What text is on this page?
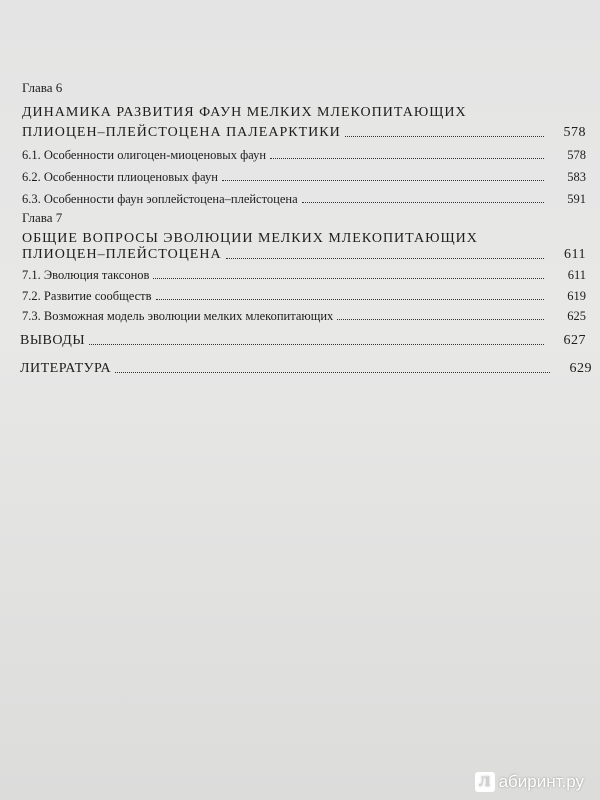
Глава 6
ДИНАМИКА РАЗВИТИЯ ФАУН МЕЛКИХ МЛЕКОПИТАЮЩИХ
ПЛИОЦЕН–ПЛЕЙСТОЦЕНА ПАЛЕАРКТИКИ	578
6.1. Особенности олигоцен-миоценовых фаун	578
6.2. Особенности плиоценовых фаун	583
6.3. Особенности фаун эоплейстоцена–плейстоцена	591
Глава 7
ОБЩИЕ ВОПРОСЫ ЭВОЛЮЦИИ МЕЛКИХ МЛЕКОПИТАЮЩИХ
ПЛИОЦЕН–ПЛЕЙСТОЦЕНА	611
7.1. Эволюция таксонов	611
7.2. Развитие сообществ	619
7.3. Возможная модель эволюции мелких млекопитающих	625
ВЫВОДЫ	627
ЛИТЕРАТУРА	629
Л абиринт.ру
